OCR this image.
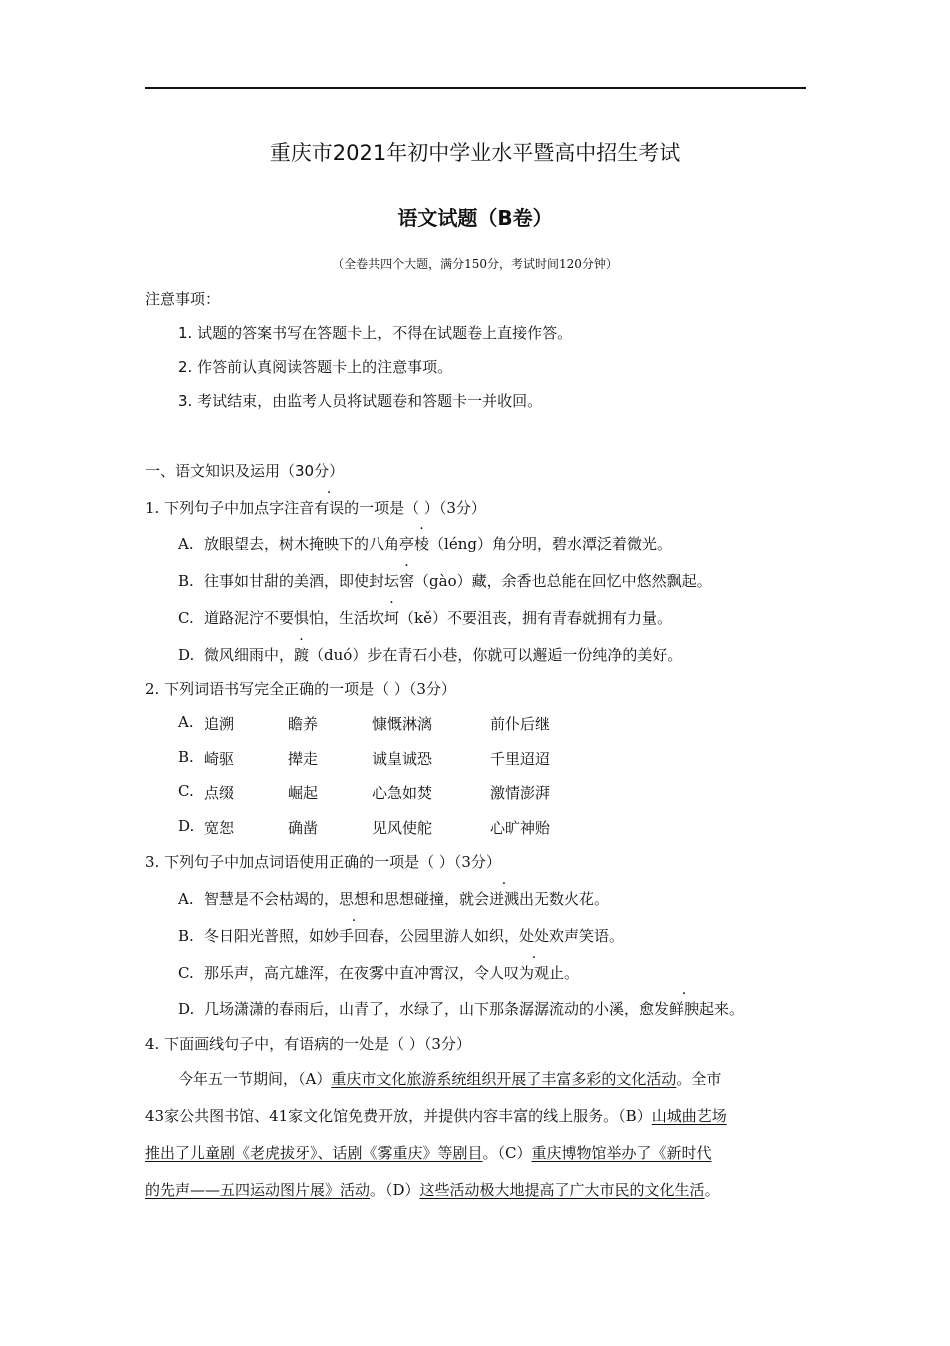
重庆市2021年初中学业水平暨高中招生考试
语文试题（B卷）
（全卷共四个大题，满分150分，考试时间120分钟）
注意事项：
1. 试题的答案书写在答题卡上，不得在试题卷上直接作答。
2. 作答前认真阅读答题卡上的注意事项。
3. 考试结束，由监考人员将试题卷和答题卡一并收回。
一、语文知识及运用（30分）
1. 下列句子中加点字注音有误的一项是（ ）（3分）
A. 放眼望去，树木掩映下的八角亭棱（léng）角分明，碧水潭泛着微光。
B. 往事如甘甜的美酒，即使封坛窖（gào）藏，余香也总能在回忆中悠然飘起。
C. 道路泥泞不要惧怕，生活坎坷（kě）不要沮丧，拥有青春就拥有力量。
D. 微风细雨中，踱（duó）步在青石小巷，你就可以邂逅一份纯净的美好。
2. 下列词语书写完全正确的一项是（ ）（3分）
A. 追溯	瞻养	慷慨淋漓	前仆后继
B. 崎驱	撵走	诚皇诚恐	千里迢迢
C. 点缀	崛起	心急如焚	激情澎湃
D. 宽恕	确凿	见风使舵	心旷神贻
3. 下列句子中加点词语使用正确的一项是（ ）（3分）
A. 智慧是不会枯竭的，思想和思想碰撞，就会迸溅出无数火花。
B. 冬日阳光普照，如妙手回春，公园里游人如织，处处欢声笑语。
C. 那乐声，高亢雄浑，在夜雾中直冲霄汉，令人叹为观止。
D. 几场潇潇的春雨后，山青了，水绿了，山下那条潺潺流动的小溪，愈发鲜腴起来。
4. 下面画线句子中，有语病的一处是（ ）（3分）
今年五一节期间，（A）重庆市文化旅游系统组织开展了丰富多彩的文化活动。全市
43家公共图书馆、41家文化馆免费开放，并提供内容丰富的线上服务。（B）山城曲艺场
推出了儿童剧《老虎拔牙》、话剧《雾重庆》等剧目。（C）重庆博物馆举办了《新时代
的先声——五四运动图片展》活动。（D）这些活动极大地提高了广大市民的文化生活。
